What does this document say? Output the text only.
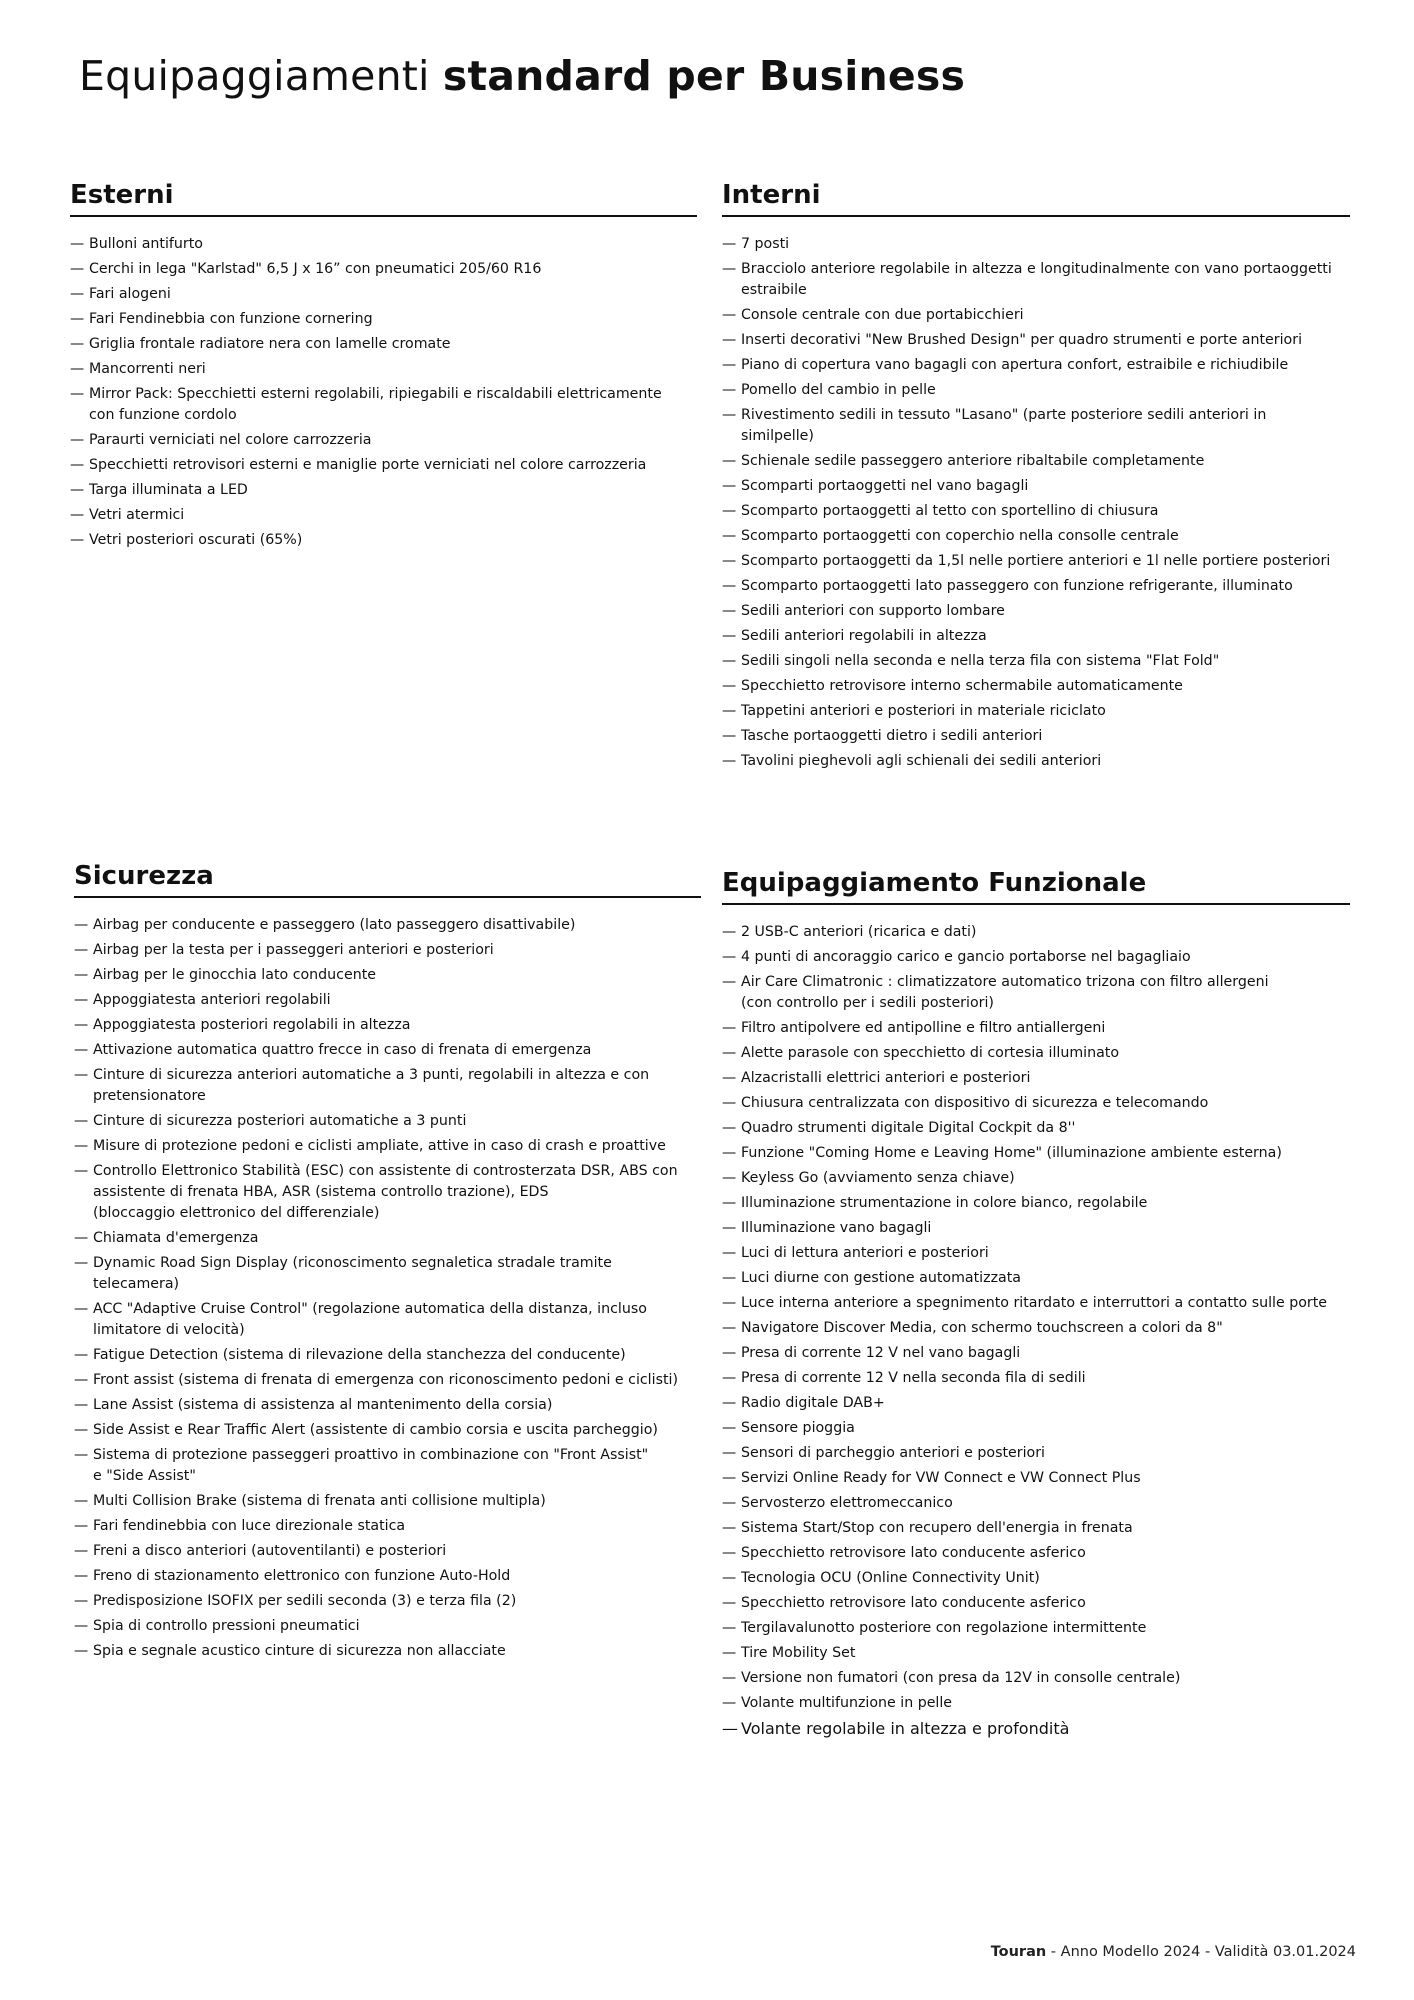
Equipaggiamenti standard per Business
Esterni
— Bulloni antifurto
— Cerchi in lega "Karlstad" 6,5 J x 16” con pneumatici 205/60 R16
— Fari alogeni
— Fari Fendinebbia con funzione cornering
— Griglia frontale radiatore nera con lamelle cromate
— Mancorrenti neri
— Mirror Pack: Specchietti esterni regolabili, ripiegabili e riscaldabili elettricamente
con funzione cordolo
— Paraurti verniciati nel colore carrozzeria
— Specchietti retrovisori esterni e maniglie porte verniciati nel colore carrozzeria
— Targa illuminata a LED
— Vetri atermici
— Vetri posteriori oscurati (65%)
Interni
— 7 posti
— Bracciolo anteriore regolabile in altezza e longitudinalmente con vano portaoggetti
estraibile
— Console centrale con due portabicchieri
— Inserti decorativi "New Brushed Design" per quadro strumenti e porte anteriori
— Piano di copertura vano bagagli con apertura confort, estraibile e richiudibile
— Pomello del cambio in pelle
— Rivestimento sedili in tessuto "Lasano" (parte posteriore sedili anteriori in
similpelle)
— Schienale sedile passeggero anteriore ribaltabile completamente
— Scomparti portaoggetti nel vano bagagli
— Scomparto portaoggetti al tetto con sportellino di chiusura
— Scomparto portaoggetti con coperchio nella consolle centrale
— Scomparto portaoggetti da 1,5l nelle portiere anteriori e 1l nelle portiere posteriori
— Scomparto portaoggetti lato passeggero con funzione refrigerante, illuminato
— Sedili anteriori con supporto lombare
— Sedili anteriori regolabili in altezza
— Sedili singoli nella seconda e nella terza fila con sistema "Flat Fold"
— Specchietto retrovisore interno schermabile automaticamente
— Tappetini anteriori e posteriori in materiale riciclato
— Tasche portaoggetti dietro i sedili anteriori
— Tavolini pieghevoli agli schienali dei sedili anteriori
Sicurezza
— Airbag per conducente e passeggero (lato passeggero disattivabile)
— Airbag per la testa per i passeggeri anteriori e posteriori
— Airbag per le ginocchia lato conducente
— Appoggiatesta anteriori regolabili
— Appoggiatesta posteriori regolabili in altezza
— Attivazione automatica quattro frecce in caso di frenata di emergenza
— Cinture di sicurezza anteriori automatiche a 3 punti, regolabili in altezza e con
pretensionatore
— Cinture di sicurezza posteriori automatiche a 3 punti
— Misure di protezione pedoni e ciclisti ampliate, attive in caso di crash e proattive
— Controllo Elettronico Stabilità (ESC) con assistente di controsterzata DSR, ABS con
assistente di frenata HBA, ASR (sistema controllo trazione), EDS
(bloccaggio elettronico del differenziale)
— Chiamata d'emergenza
— Dynamic Road Sign Display (riconoscimento segnaletica stradale tramite
telecamera)
— ACC "Adaptive Cruise Control" (regolazione automatica della distanza, incluso
limitatore di velocità)
— Fatigue Detection (sistema di rilevazione della stanchezza del conducente)
— Front assist (sistema di frenata di emergenza con riconoscimento pedoni e ciclisti)
— Lane Assist (sistema di assistenza al mantenimento della corsia)
— Side Assist e Rear Traffic Alert (assistente di cambio corsia e uscita parcheggio)
— Sistema di protezione passeggeri proattivo in combinazione con "Front Assist"
e "Side Assist"
— Multi Collision Brake (sistema di frenata anti collisione multipla)
— Fari fendinebbia con luce direzionale statica
— Freni a disco anteriori (autoventilanti) e posteriori
— Freno di stazionamento elettronico con funzione Auto-Hold
— Predisposizione ISOFIX per sedili seconda (3) e terza fila (2)
— Spia di controllo pressioni pneumatici
— Spia e segnale acustico cinture di sicurezza non allacciate
Equipaggiamento Funzionale
— 2 USB-C anteriori (ricarica e dati)
— 4 punti di ancoraggio carico e gancio portaborse nel bagagliaio
— Air Care Climatronic : climatizzatore automatico trizona con filtro allergeni
(con controllo per i sedili posteriori)
— Filtro antipolvere ed antipolline e filtro antiallergeni
— Alette parasole con specchietto di cortesia illuminato
— Alzacristalli elettrici anteriori e posteriori
— Chiusura centralizzata con dispositivo di sicurezza e telecomando
— Quadro strumenti digitale Digital Cockpit da 8''
— Funzione "Coming Home e Leaving Home" (illuminazione ambiente esterna)
— Keyless Go (avviamento senza chiave)
— Illuminazione strumentazione in colore bianco, regolabile
— Illuminazione vano bagagli
— Luci di lettura anteriori e posteriori
— Luci diurne con gestione automatizzata
— Luce interna anteriore a spegnimento ritardato e interruttori a contatto sulle porte
— Navigatore Discover Media, con schermo touchscreen a colori da 8"
— Presa di corrente 12 V nel vano bagagli
— Presa di corrente 12 V nella seconda fila di sedili
— Radio digitale DAB+
— Sensore pioggia
— Sensori di parcheggio anteriori e posteriori
— Servizi Online Ready for VW Connect e VW Connect Plus
— Servosterzo elettromeccanico
— Sistema Start/Stop con recupero dell'energia in frenata
— Specchietto retrovisore lato conducente asferico
— Tecnologia OCU (Online Connectivity Unit)
— Specchietto retrovisore lato conducente asferico
— Tergilavalunotto posteriore con regolazione intermittente
— Tire Mobility Set
— Versione non fumatori (con presa da 12V in consolle centrale)
— Volante multifunzione in pelle
— Volante regolabile in altezza e profondità
Touran - Anno Modello 2024 - Validità 03.01.2024
